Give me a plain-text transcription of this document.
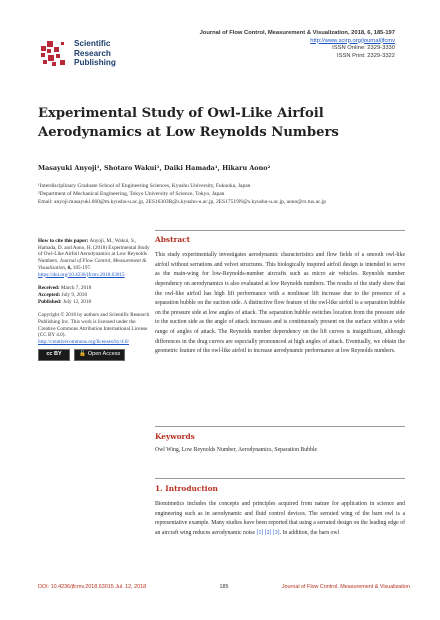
Scientific
Research
Publishing
Journal of Flow Control, Measurement & Visualization, 2018, 6, 185-197
http://www.scirp.org/journal/jfcmv
ISSN Online: 2329-3330
ISSN Print: 2329-3322
Experimental Study of Owl-Like Airfoil
Aerodynamics at Low Reynolds Numbers
Masayuki Anyoji¹, Shotaro Wakui¹, Daiki Hamada¹, Hikaru Aono²
¹Interdisciplinary Graduate School of Engineering Sciences, Kyushu University, Fukuoka, Japan
²Department of Mechanical Engineering, Tokyo University of Science, Tokyo, Japan
Email: anyoji.masayuki.660@m.kyushu-u.ac.jp, 2ES16303R@s.kyushu-u.ac.jp, 2ES17519N@s.kyushu-u.ac.jp, aono@rs.tus.ac.jp
How to cite this paper: Anyoji, M., Wakui, S., Hamada, D. and Aono, H. (2018) Experimental Study of Owl-Like Airfoil Aerodynamics at Low Reynolds Numbers. Journal of Flow Control, Measurement & Visualization, 6, 185-197. https://doi.org/10.4236/jfcmv.2018.63015
Received: March 7, 2018
Accepted: July 9, 2018
Published: July 12, 2018
Copyright © 2018 by authors and Scientific Research Publishing Inc. This work is licensed under the Creative Commons Attribution International License (CC BY 4.0). http://creativecommons.org/licenses/by/4.0/
cc BY	🔓 Open Access
Abstract

This study experimentally investigates aerodynamic characteristics and flow fields of a smooth owl-like airfoil without serrations and velvet structures. This biologically inspired airfoil design is intended to serve as the main-wing for low-Reynolds-number aircrafts such as micro air vehicles. Reynolds number dependency on aerodynamics is also evaluated at low Reynolds numbers. The results of the study show that the owl-like airfoil has high lift performance with a nonlinear lift increase due to the presence of a separation bubble on the suction side. A distinctive flow feature of the owl-like airfoil is a separation bubble on the pressure side at low angles of attack. The separation bubble switches location from the pressure side to the suction side as the angle of attack increases and is continuously present on the surface within a wide range of angles of attack. The Reynolds number dependency on the lift curves is insignificant, although differences in the drag curves are especially pronounced at high angles of attack. Eventually, we obtain the geometric feature of the owl-like airfoil to increase aerodynamic performance at low Reynolds numbers.

Keywords

Owl Wing, Low Reynolds Number, Aerodynamics, Separation Bubble

1. Introduction

Biomimetics includes the concepts and principles acquired from nature for application in science and engineering such as in aerodynamic and fluid control devices. The serrated wing of the barn owl is a representative example. Many studies have been reported that using a serrated design on the leading edge of an aircraft wing reduces aerodynamic noise [1] [2] [3]. In addition, the barn owl

DOI: 10.4236/jfcmv.2018.63015 Jul. 12, 2018	185	Journal of Flow Control, Measurement & Visualization
